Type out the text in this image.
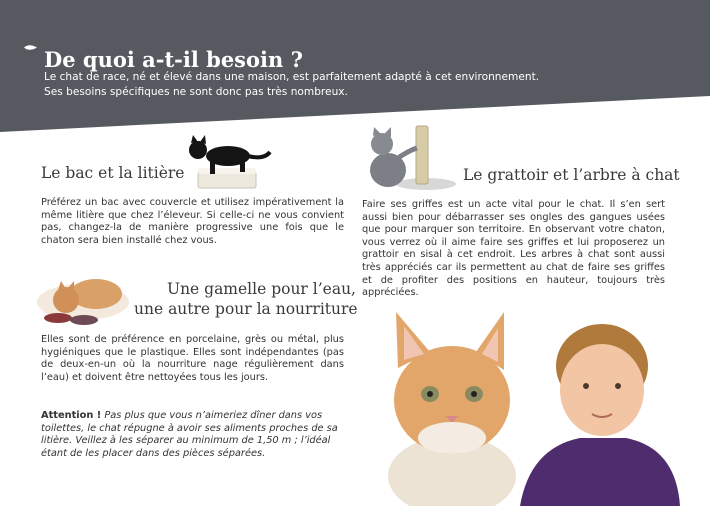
De quoi a-t-il besoin ?

Le chat de race, né et élevé dans une maison, est parfaitement adapté à cet environnement.
Ses besoins spécifiques ne sont donc pas très nombreux.

Le bac et la litière

Préférez un bac avec couvercle et utilisez impérativement la même litière que chez l’éleveur. Si celle-ci ne vous convient pas, changez-la de manière progressive une fois que le chaton sera bien installé chez vous.

Une gamelle pour l’eau,
une autre pour la nourriture

Elles sont de préférence en porcelaine, grès ou métal, plus hygiéniques que le plastique. Elles sont indépendantes (pas de deux-en-un où la nourriture nage régulièrement dans l’eau) et doivent être nettoyées tous les jours.

Attention ! Pas plus que vous n’aimeriez dîner dans vos toilettes, le chat répugne à avoir ses aliments proches de sa litière. Veillez à les séparer au minimum de 1,50 m ; l’idéal étant de les placer dans des pièces séparées.

Le grattoir et l’arbre à chat

Faire ses griffes est un acte vital pour le chat. Il s’en sert aussi bien pour débarrasser ses ongles des gangues usées que pour marquer son territoire. En observant votre chaton, vous verrez où il aime faire ses griffes et lui proposerez un grattoir en sisal à cet endroit. Les arbres à chat sont aussi très appréciés car ils permettent au chat de faire ses griffes et de profiter des positions en hauteur, toujours très appréciées.
